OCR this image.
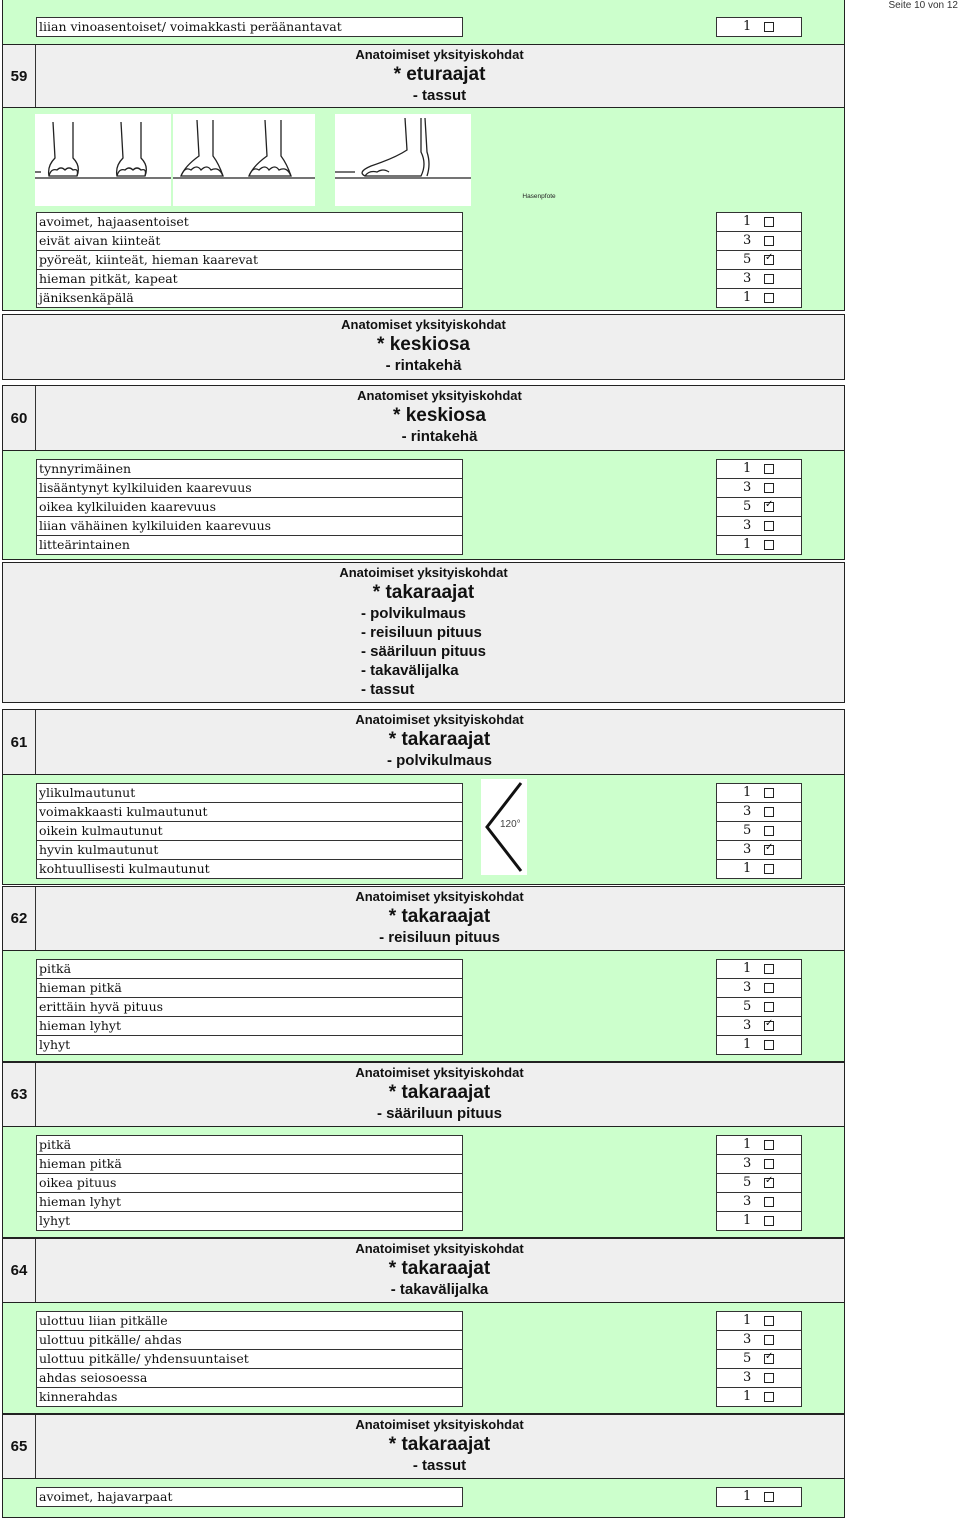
Seite 10 von 12
liian vinoasentoiset/ voimakkasti peräänantavat	1
59
Anatoimiset yksityiskohdat
* eturaajat
- tassut
Hasenpfote
avoimet, hajaasentoiset	1
eivät aivan kiinteät	3
pyöreät, kiinteät, hieman kaarevat	5
✓
hieman pitkät, kapeat	3
jäniksenkäpälä	1
Anatomiset yksityiskohdat
* keskiosa
- rintakehä
60
Anatomiset yksityiskohdat
* keskiosa
- rintakehä
tynnyrimäinen	1
lisääntynyt kylkiluiden kaarevuus	3
oikea kylkiluiden kaarevuus	5
✓
liian vähäinen kylkiluiden kaarevuus	3
litteärintainen	1
Anatoimiset yksityiskohdat
* takaraajat
- polvikulmaus
- reisiluun pituus
- sääriluun pituus
- takavälijalka
- tassut
61
Anatoimiset yksityiskohdat
* takaraajat
- polvikulmaus
120°
ylikulmautunut	1
voimakkaasti kulmautunut	3
oikein kulmautunut	5
hyvin kulmautunut	3
✓
kohtuullisesti kulmautunut	1
62
Anatoimiset yksityiskohdat
* takaraajat
- reisiluun pituus
pitkä	1
hieman pitkä	3
erittäin hyvä pituus	5
hieman lyhyt	3
✓
lyhyt	1
63
Anatoimiset yksityiskohdat
* takaraajat
- sääriluun pituus
pitkä	1
hieman pitkä	3
oikea pituus	5
✓
hieman lyhyt	3
lyhyt	1
64
Anatoimiset yksityiskohdat
* takaraajat
- takavälijalka
ulottuu liian pitkälle	1
ulottuu pitkälle/ ahdas	3
ulottuu pitkälle/ yhdensuuntaiset	5
✓
ahdas seiosoessa	3
kinnerahdas	1
65
Anatoimiset yksityiskohdat
* takaraajat
- tassut
avoimet, hajavarpaat	1
